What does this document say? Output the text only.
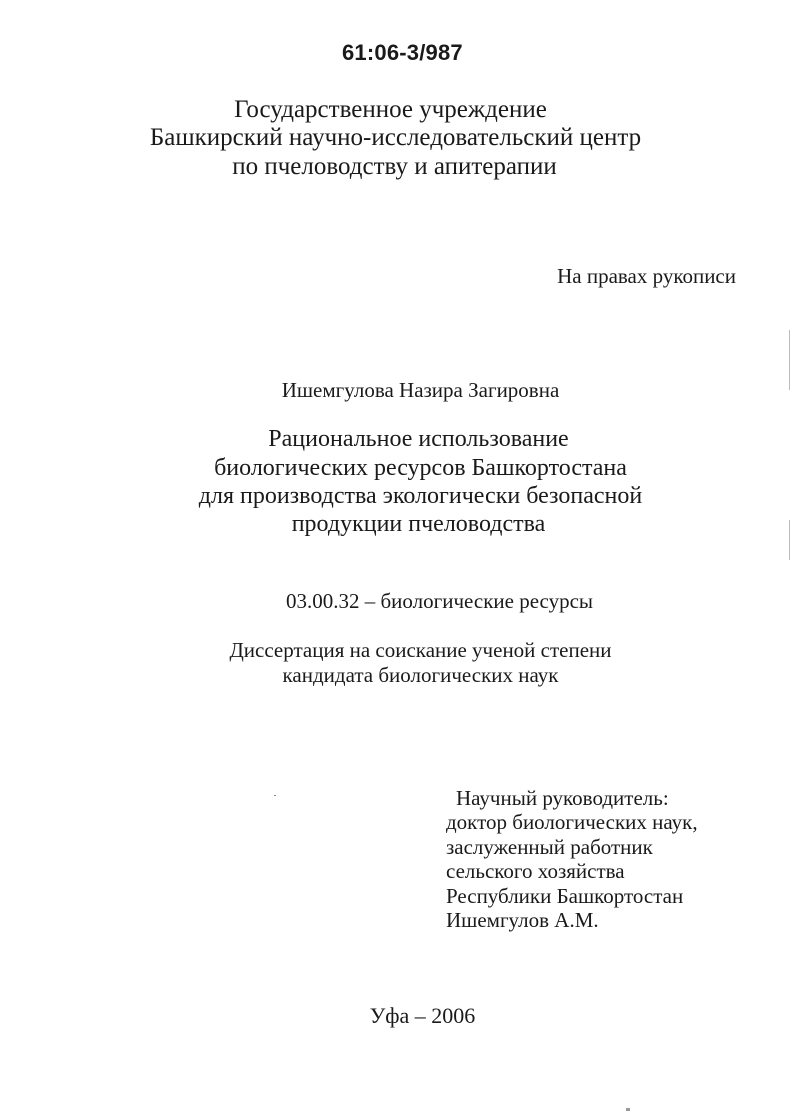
61:06-3/987
Государственное учреждение
Башкирский научно-исследовательский центр
по пчеловодству и апитерапии
На правах рукописи
Ишемгулова Назира Загировна
Рациональное использование
биологических ресурсов Башкортостана
для производства экологически безопасной
продукции пчеловодства
03.00.32 – биологические ресурсы
Диссертация на соискание ученой степени
кандидата биологических наук
Научный руководитель:
доктор биологических наук,
заслуженный работник
сельского хозяйства
Республики Башкортостан
Ишемгулов А.М.
Уфа – 2006
